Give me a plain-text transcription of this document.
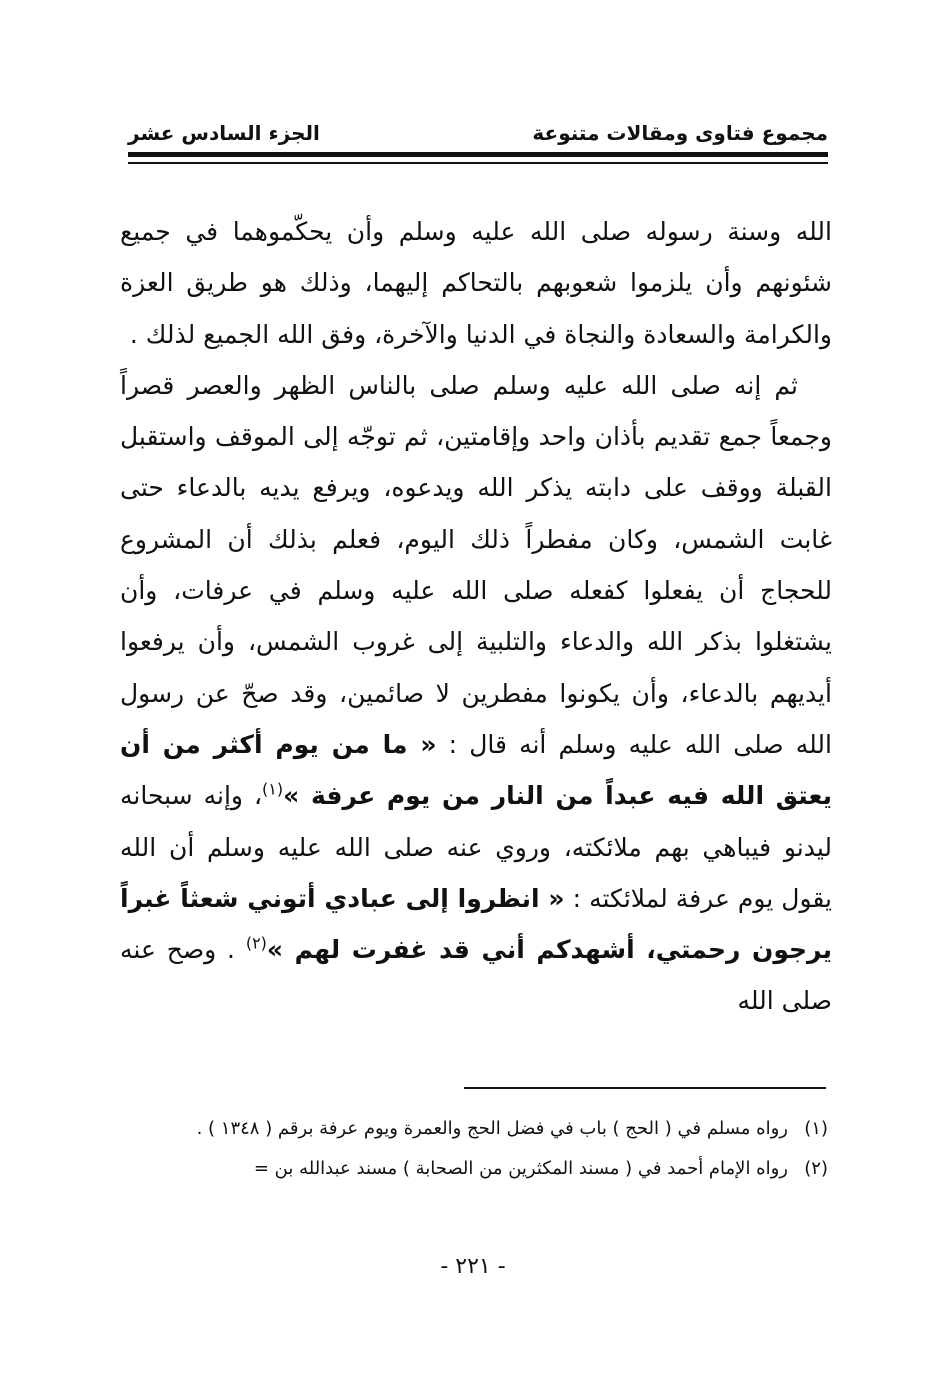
مجموع فتاوى ومقالات متنوعة
الجزء السادس عشر

الله وسنة رسوله صلى الله عليه وسلم وأن يحكّموهما في جميع شئونهم وأن يلزموا شعوبهم بالتحاكم إليهما، وذلك هو طريق العزة والكرامة والسعادة والنجاة في الدنيا والآخرة، وفق الله الجميع لذلك .

ثم إنه صلى الله عليه وسلم صلى بالناس الظهر والعصر قصراً وجمعاً جمع تقديم بأذان واحد وإقامتين، ثم توجّه إلى الموقف واستقبل القبلة ووقف على دابته يذكر الله ويدعوه، ويرفع يديه بالدعاء حتى غابت الشمس، وكان مفطراً ذلك اليوم، فعلم بذلك أن المشروع للحجاج أن يفعلوا كفعله صلى الله عليه وسلم في عرفات، وأن يشتغلوا بذكر الله والدعاء والتلبية إلى غروب الشمس، وأن يرفعوا أيديهم بالدعاء، وأن يكونوا مفطرين لا صائمين، وقد صحّ عن رسول الله صلى الله عليه وسلم أنه قال : « ما من يوم أكثر من أن يعتق الله فيه عبداً من النار من يوم عرفة »$^{(١)}$، وإنه سبحانه ليدنو فيباهي بهم ملائكته، وروي عنه صلى الله عليه وسلم أن الله يقول يوم عرفة لملائكته : « انظروا إلى عبادي أتوني شعثاً غبراً يرجون رحمتي، أشهدكم أني قد غفرت لهم »$^{(٢)}$ . وصح عنه صلى الله

(١)
رواه مسلم في ( الحج ) باب في فضل الحج والعمرة ويوم عرفة برقم ( ١٣٤٨ ) .
(٢)
رواه الإمام أحمد في ( مسند المكثرين من الصحابة ) مسند عبدالله بن =
- ٢٢١ -
